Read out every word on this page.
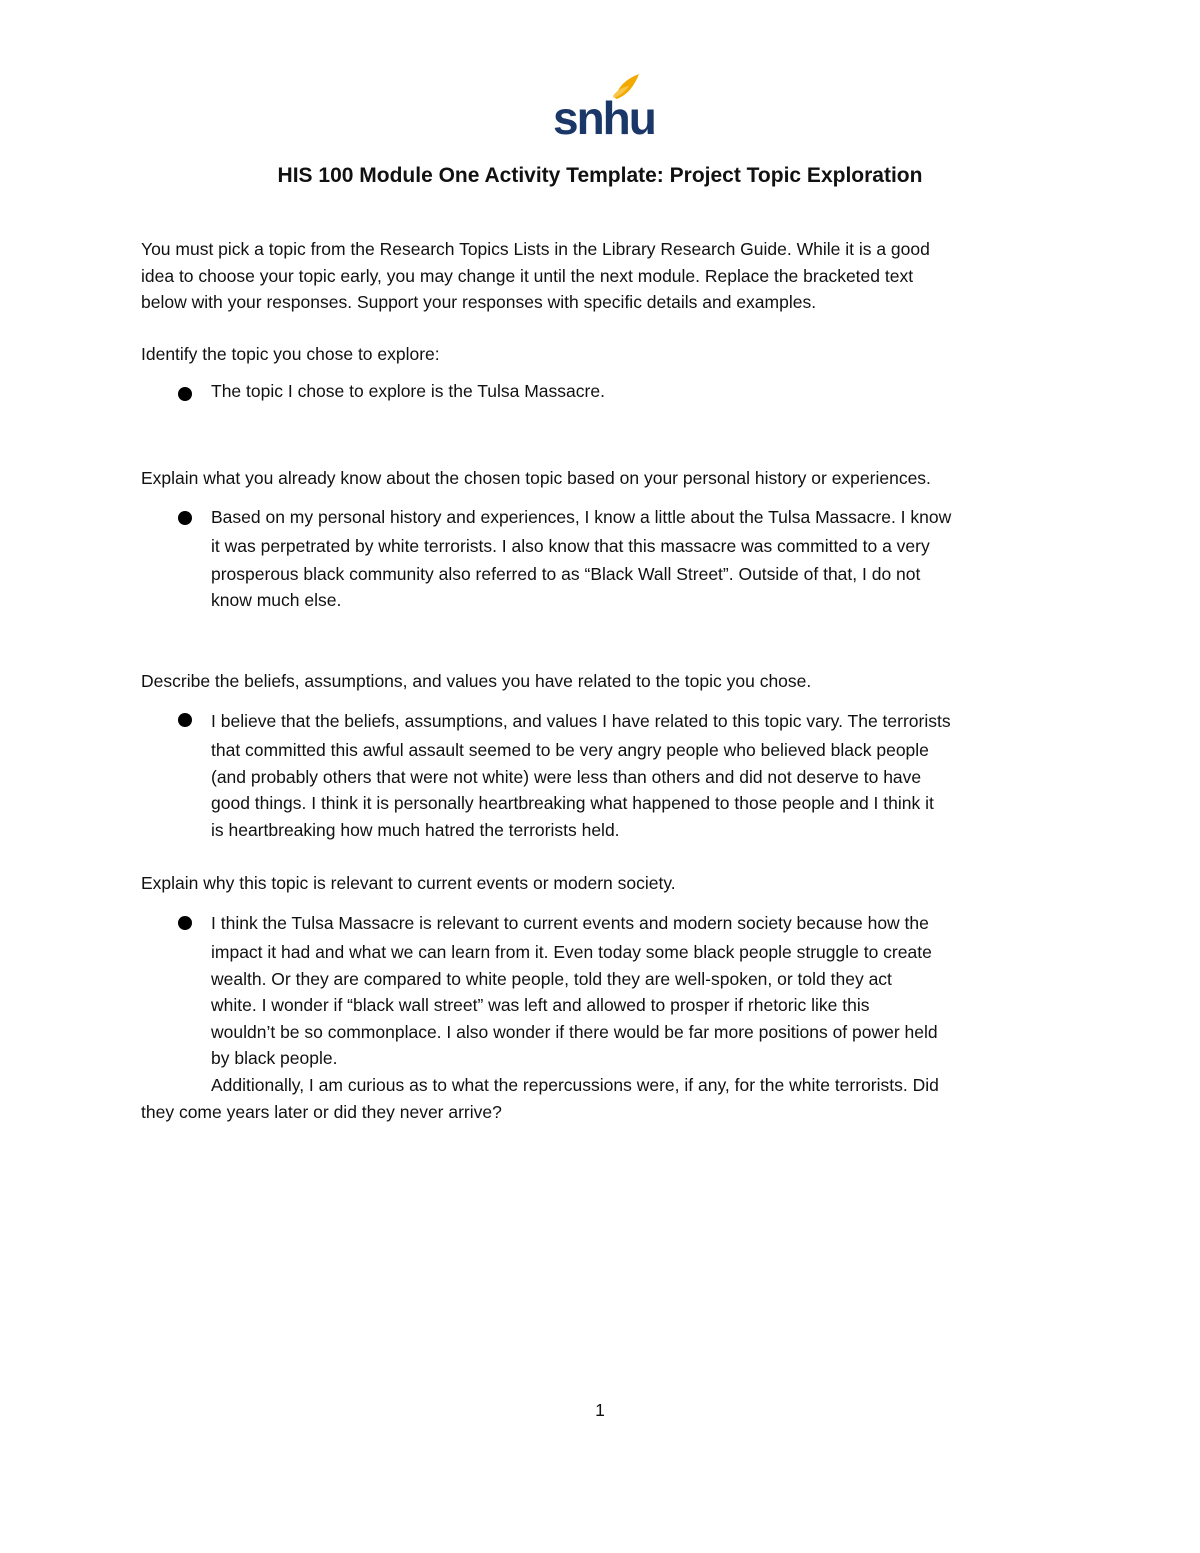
snhu
HIS 100 Module One Activity Template: Project Topic Exploration

You must pick a topic from the Research Topics Lists in the Library Research Guide. While it is a good

idea to choose your topic early, you may change it until the next module. Replace the bracketed text

below with your responses. Support your responses with specific details and examples.

Identify the topic you chose to explore:

The topic I chose to explore is the Tulsa Massacre.

Explain what you already know about the chosen topic based on your personal history or experiences.

Based on my personal history and experiences, I know a little about the Tulsa Massacre. I know

it was perpetrated by white terrorists. I also know that this massacre was committed to a very

prosperous black community also referred to as “Black Wall Street”. Outside of that, I do not

know much else.

Describe the beliefs, assumptions, and values you have related to the topic you chose.

I believe that the beliefs, assumptions, and values I have related to this topic vary. The terrorists

that committed this awful assault seemed to be very angry people who believed black people

(and probably others that were not white) were less than others and did not deserve to have

good things. I think it is personally heartbreaking what happened to those people and I think it

is heartbreaking how much hatred the terrorists held.

Explain why this topic is relevant to current events or modern society.

I think the Tulsa Massacre is relevant to current events and modern society because how the

impact it had and what we can learn from it. Even today some black people struggle to create

wealth. Or they are compared to white people, told they are well-spoken, or told they act

white. I wonder if “black wall street” was left and allowed to prosper if rhetoric like this

wouldn’t be so commonplace. I also wonder if there would be far more positions of power held

by black people.

Additionally, I am curious as to what the repercussions were, if any, for the white terrorists. Did

they come years later or did they never arrive?

1
